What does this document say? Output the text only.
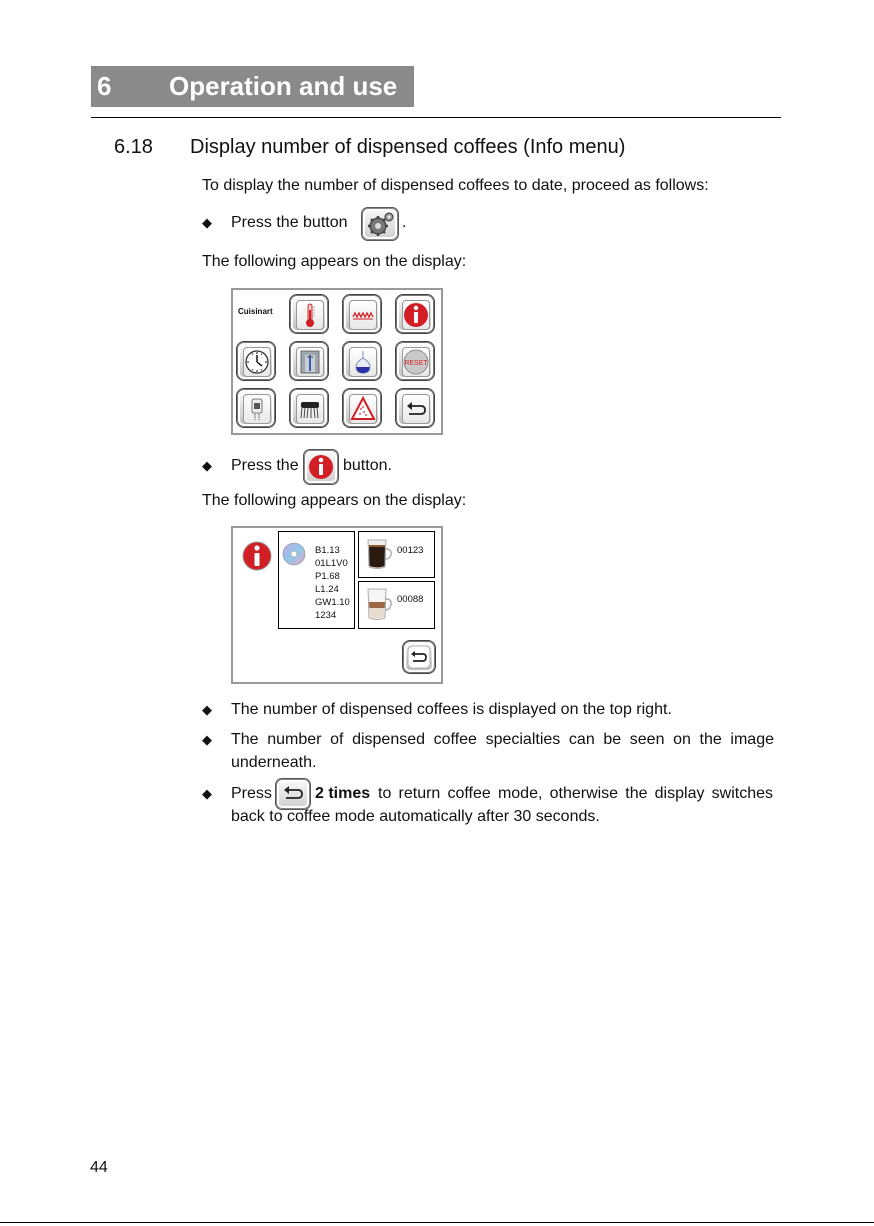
6 Operation and use
6.18 Display number of dispensed coffees (Info menu)
To display the number of dispensed coffees to date, proceed as follows:
◆ Press the button	.
The following appears on the display:
Cuisinart
RESET
◆ Press the	button.
The following appears on the display:
B1.13
01L1V0
P1.68
L1.24
GW1.10
1234
00123
00088
◆ The number of dispensed coffees is displayed on the top right.
◆ The number of dispensed coffee specialties can be seen on the image
underneath.
◆ Press	2 times to return coffee mode, otherwise the display switches
back to coffee mode automatically after 30 seconds.
44
